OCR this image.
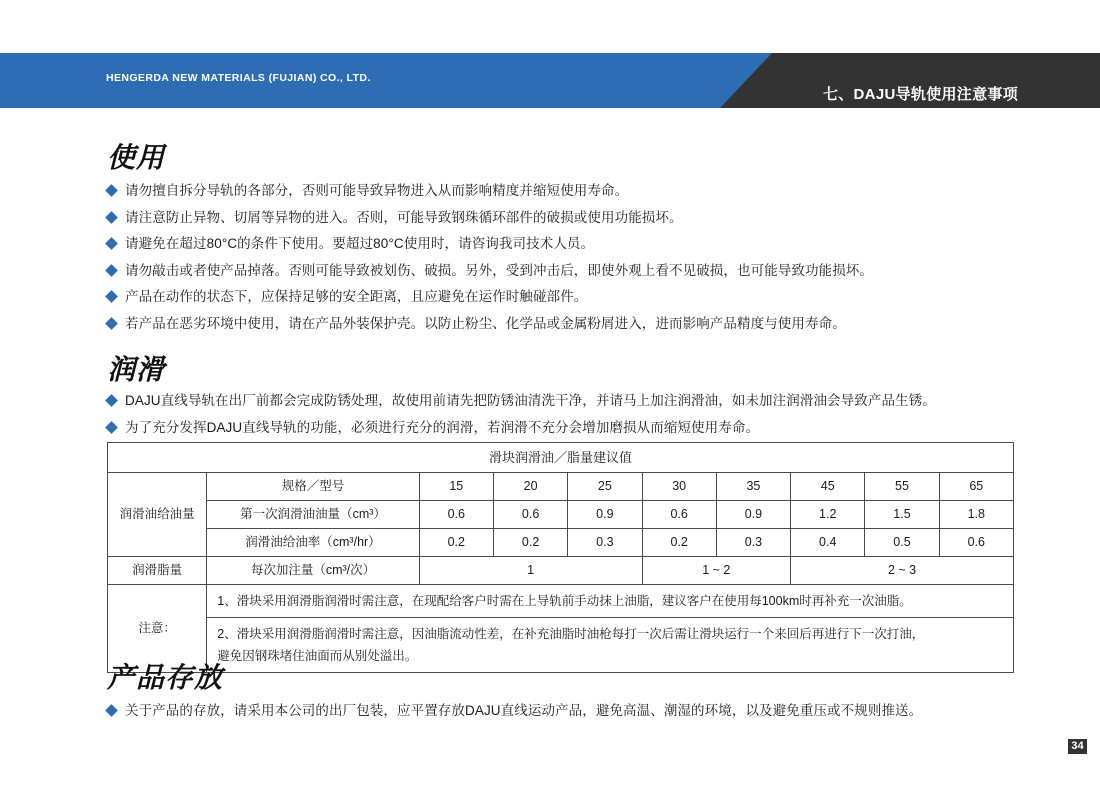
HENGERDA NEW MATERIALS (FUJIAN) CO., LTD.
七、DAJU导轨使用注意事项
使用
请勿擅自拆分导轨的各部分，否则可能导致异物进入从而影响精度并缩短使用寿命。
请注意防止异物、切屑等异物的进入。否则，可能导致钢珠循环部件的破损或使用功能损坏。
请避免在超过80°C的条件下使用。要超过80°C使用时，请咨询我司技术人员。
请勿敲击或者使产品掉落。否则可能导致被划伤、破损。另外，受到冲击后，即使外观上看不见破损，也可能导致功能损坏。
产品在动作的状态下，应保持足够的安全距离，且应避免在运作时触碰部件。
若产品在恶劣环境中使用，请在产品外装保护壳。以防止粉尘、化学品或金属粉屑进入，进而影响产品精度与使用寿命。
润滑
DAJU直线导轨在出厂前都会完成防锈处理，故使用前请先把防锈油清洗干净，并请马上加注润滑油，如未加注润滑油会导致产品生锈。
为了充分发挥DAJU直线导轨的功能，必须进行充分的润滑，若润滑不充分会增加磨损从而缩短使用寿命。
滑块润滑油／脂量建议值									
润滑油给油量	规格／型号	15	20	25	30	35	45	55	65
	第一次润滑油油量（cm³）	0.6	0.6	0.9	0.6	0.9	1.2	1.5	1.8
	润滑油给油率（cm³/hr）	0.2	0.2	0.3	0.2	0.3	0.4	0.5	0.6
润滑脂量	每次加注量（cm³/次）	1			1 ~ 2		2 ~ 3		
注意：	1、滑块采用润滑脂润滑时需注意，在现配给客户时需在上导轨前手动抹上油脂，建议客户在使用每100km时再补充一次油脂。								

	2、滑块采用润滑脂润滑时需注意，因油脂流动性差，在补充油脂时油枪每打一次后需让滑块运行一个来回后再进行下一次打油，
避免因钢珠堵住油面而从别处溢出。								
产品存放
关于产品的存放，请采用本公司的出厂包装，应平置存放DAJU直线运动产品，避免高温、潮湿的环境，以及避免重压或不规则推送。
34
